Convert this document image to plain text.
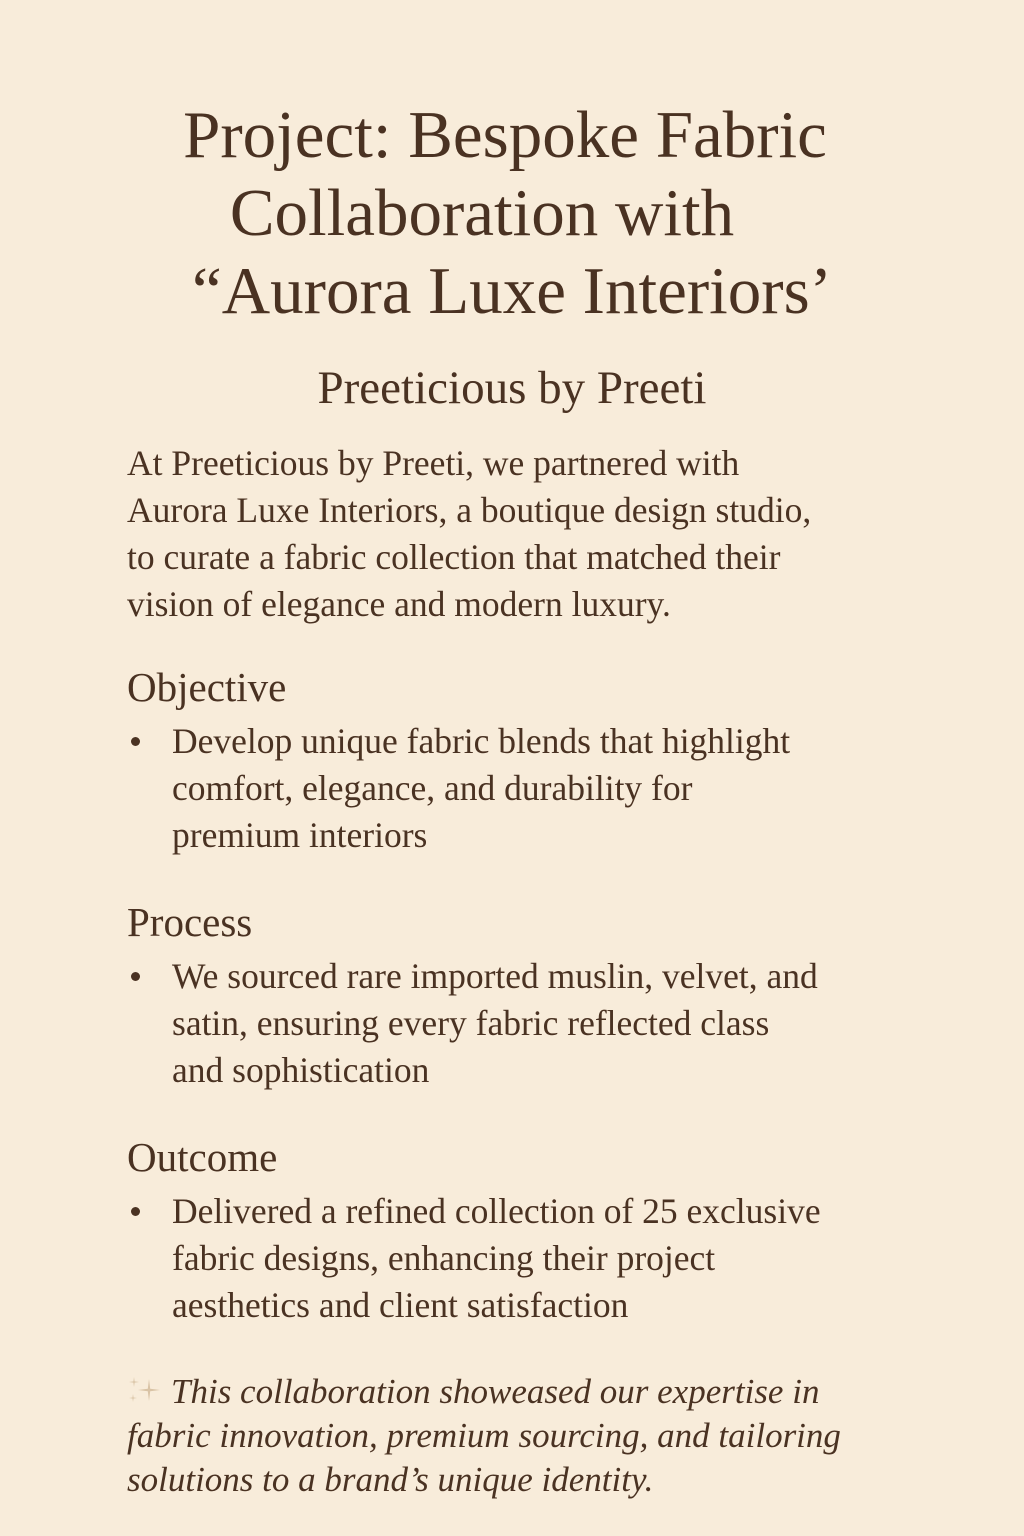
Project: Bespoke Fabric
Collaboration with
“Aurora Luxe Interiors’
Preeticious by Preeti

At Preeticious by Preeti, we partnered with
Aurora Luxe Interiors, a boutique design studio,
to curate a fabric collection that matched their
vision of elegance and modern luxury.

Objective
Develop unique fabric blends that highlight
comfort, elegance, and durability for
premium interiors
Process
We sourced rare imported muslin, velvet, and
satin, ensuring every fabric reflected class
and sophistication
Outcome
Delivered a refined collection of 25 exclusive
fabric designs, enhancing their project
aesthetics and client satisfaction

This collaboration showeased our expertise in
fabric innovation, premium sourcing, and tailoring
solutions to a brand’s unique identity.
